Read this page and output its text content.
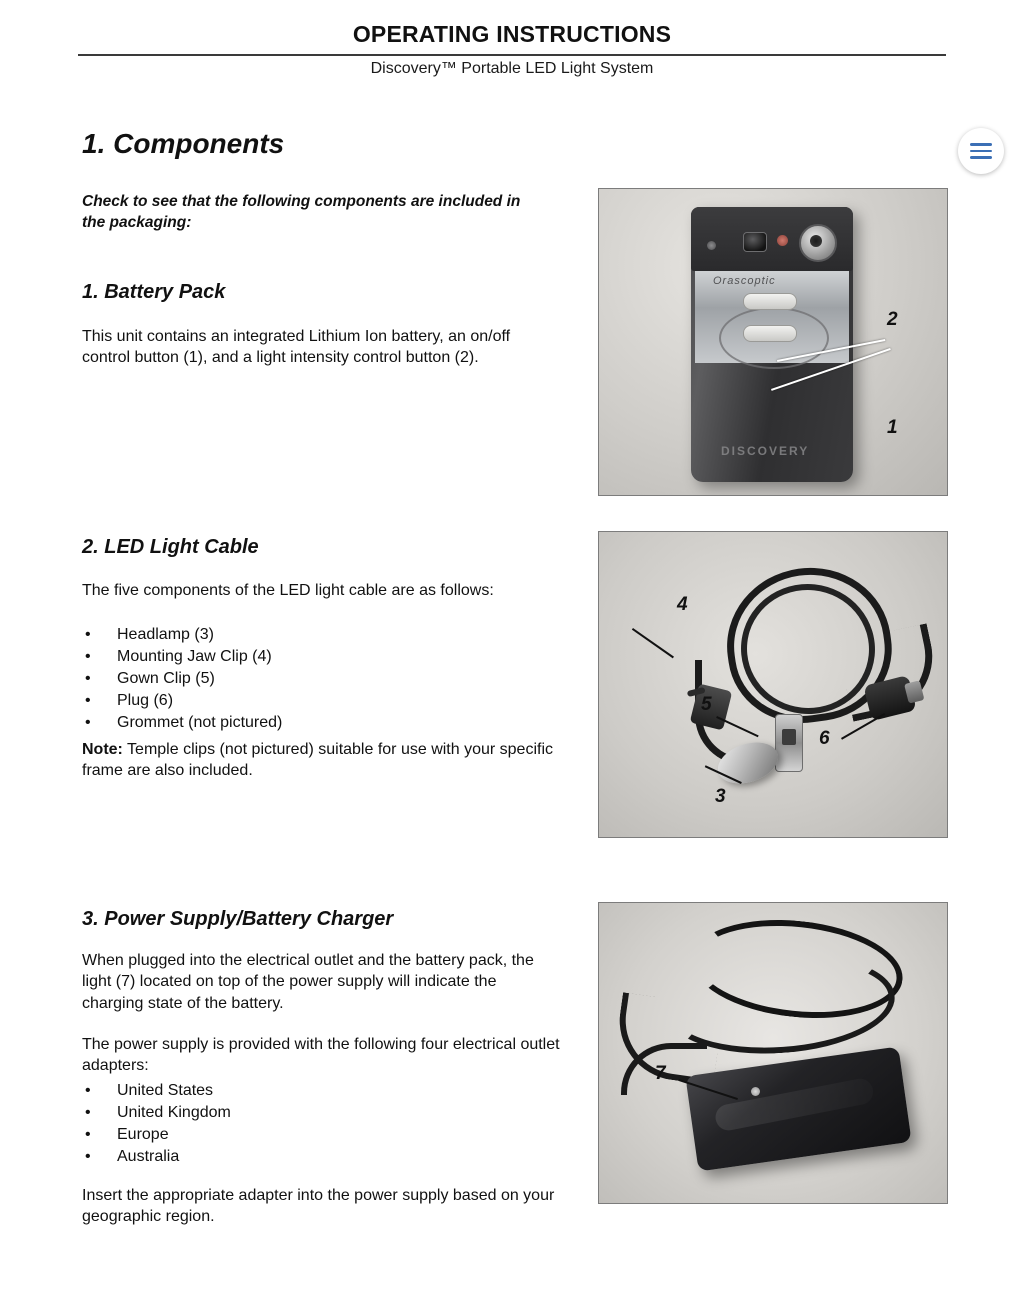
OPERATING INSTRUCTIONS
Discovery™ Portable LED Light System
1. Components
Check to see that the following components are included in the packaging:
1. Battery Pack
This unit contains an integrated Lithium Ion battery, an on/off control button (1), and a light intensity control button (2).
Orascoptic
DISCOVERY
2
1
2. LED Light Cable
The five components of the LED light cable are as follows:
•	Headlamp (3)
•	Mounting Jaw Clip (4)
•	Gown Clip (5)
•	Plug (6)
•	Grommet (not pictured)
Note: Temple clips (not pictured) suitable for use with your specific frame are also included.
4
5
6
3
3. Power Supply/Battery Charger
When plugged into the electrical outlet and the battery pack, the light (7) located on top of the power supply will indicate the charging state of the battery.
The power supply is provided with the following four electrical outlet adapters:
•	United States
•	United Kingdom
•	Europe
•	Australia
Insert the appropriate adapter into the power supply based on your geographic region.
7
